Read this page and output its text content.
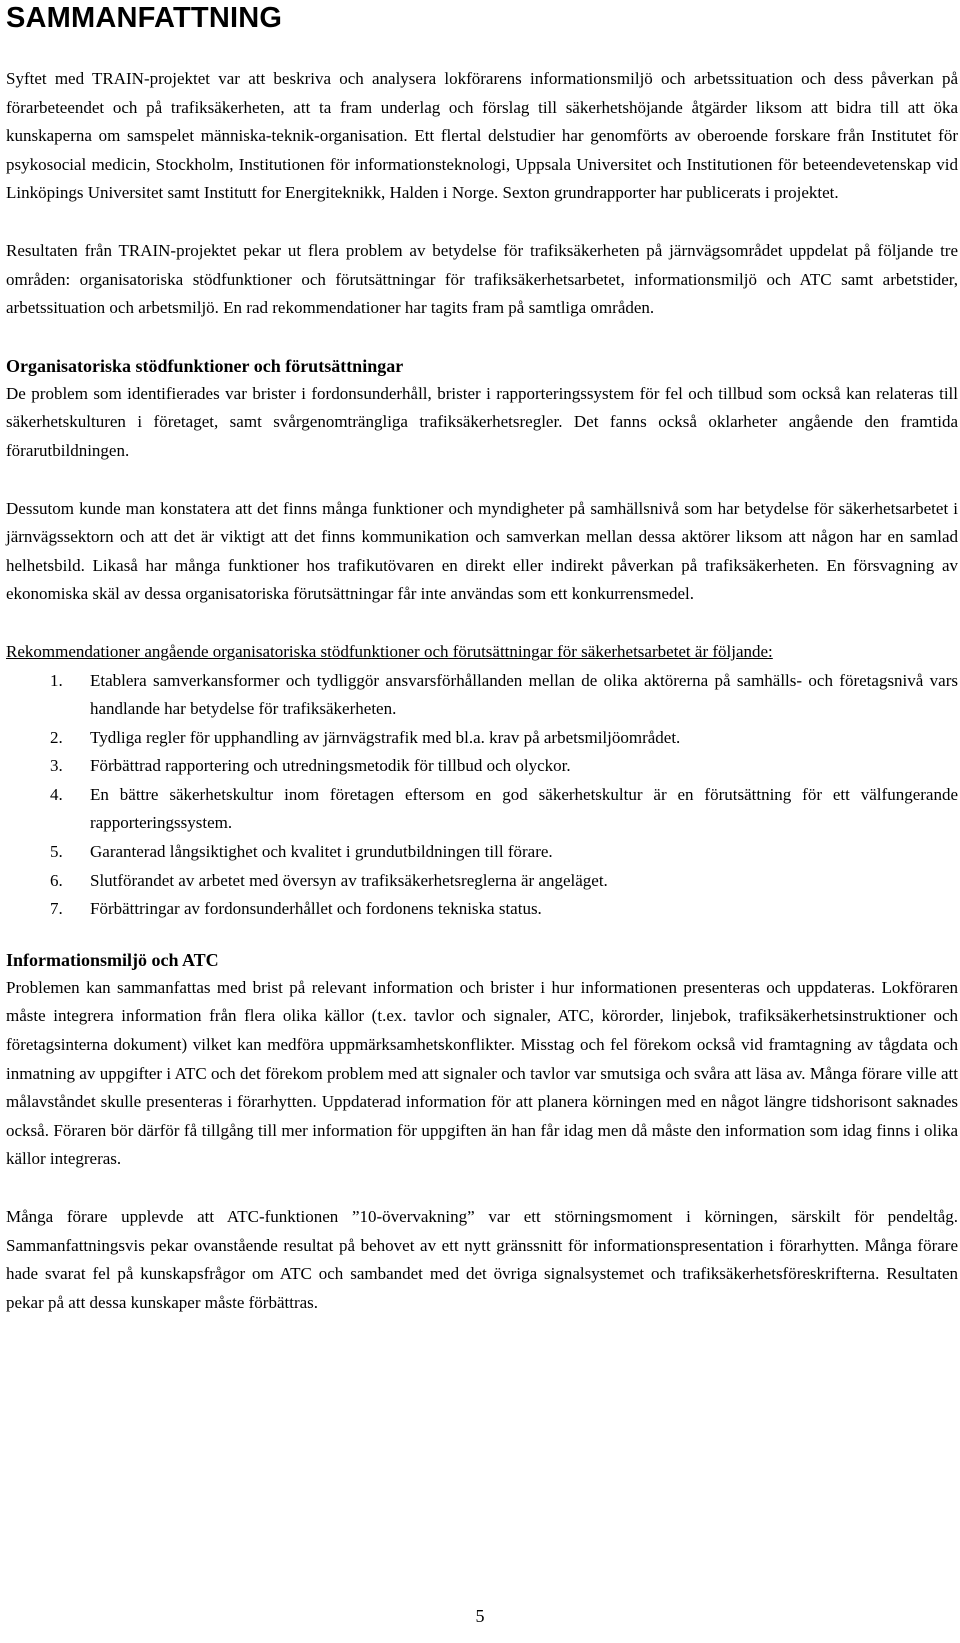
SAMMANFATTNING

Syftet med TRAIN-projektet var att beskriva och analysera lokförarens informationsmiljö och arbetssituation och dess påverkan på förarbeteendet och på trafiksäkerheten, att ta fram underlag och förslag till säkerhetshöjande åtgärder liksom att bidra till att öka kunskaperna om samspelet människa-teknik-organisation. Ett flertal delstudier har genomförts av oberoende forskare från Institutet för psykosocial medicin, Stockholm, Institutionen för informationsteknologi, Uppsala Universitet och Institutionen för beteendevetenskap vid Linköpings Universitet samt Institutt for Energiteknikk, Halden i Norge. Sexton grundrapporter har publicerats i projektet.

Resultaten från TRAIN-projektet pekar ut flera problem av betydelse för trafiksäkerheten på järnvägsområdet uppdelat på följande tre områden: organisatoriska stödfunktioner och förutsättningar för trafiksäkerhetsarbetet, informationsmiljö och ATC samt arbetstider, arbetssituation och arbetsmiljö. En rad rekommendationer har tagits fram på samtliga områden.

Organisatoriska stödfunktioner och förutsättningar

De problem som identifierades var brister i fordonsunderhåll, brister i rapporteringssystem för fel och tillbud som också kan relateras till säkerhetskulturen i företaget, samt svårgenomträngliga trafiksäkerhetsregler. Det fanns också oklarheter angående den framtida förarutbildningen.

Dessutom kunde man konstatera att det finns många funktioner och myndigheter på samhällsnivå som har betydelse för säkerhetsarbetet i järnvägssektorn och att det är viktigt att det finns kommunikation och samverkan mellan dessa aktörer liksom att någon har en samlad helhetsbild. Likaså har många funktioner hos trafikutövaren en direkt eller indirekt påverkan på trafiksäkerheten. En försvagning av ekonomiska skäl av dessa organisatoriska förutsättningar får inte användas som ett konkurrensmedel.

Rekommendationer angående organisatoriska stödfunktioner och förutsättningar för säkerhetsarbetet är följande:

1. Etablera samverkansformer och tydliggör ansvarsförhållanden mellan de olika aktörerna på samhälls- och företagsnivå vars handlande har betydelse för trafiksäkerheten.
2. Tydliga regler för upphandling av järnvägstrafik med bl.a. krav på arbetsmiljöområdet.
3. Förbättrad rapportering och utredningsmetodik för tillbud och olyckor.
4. En bättre säkerhetskultur inom företagen eftersom en god säkerhetskultur är en förutsättning för ett välfungerande rapporteringssystem.
5. Garanterad långsiktighet och kvalitet i grundutbildningen till förare.
6. Slutförandet av arbetet med översyn av trafiksäkerhetsreglerna är angeläget.
7. Förbättringar av fordonsunderhållet och fordonens tekniska status.
Informationsmiljö och ATC

Problemen kan sammanfattas med brist på relevant information och brister i hur informationen presenteras och uppdateras. Lokföraren måste integrera information från flera olika källor (t.ex. tavlor och signaler, ATC, körorder, linjebok, trafiksäkerhetsinstruktioner och företagsinterna dokument) vilket kan medföra uppmärksamhetskonflikter. Misstag och fel förekom också vid framtagning av tågdata och inmatning av uppgifter i ATC och det förekom problem med att signaler och tavlor var smutsiga och svåra att läsa av. Många förare ville att målavståndet skulle presenteras i förarhytten. Uppdaterad information för att planera körningen med en något längre tidshorisont saknades också. Föraren bör därför få tillgång till mer information för uppgiften än han får idag men då måste den information som idag finns i olika källor integreras.

Många förare upplevde att ATC-funktionen ”10-övervakning” var ett störningsmoment i körningen, särskilt för pendeltåg. Sammanfattningsvis pekar ovanstående resultat på behovet av ett nytt gränssnitt för informationspresentation i förarhytten. Många förare hade svarat fel på kunskapsfrågor om ATC och sambandet med det övriga signalsystemet och trafiksäkerhetsföreskrifterna. Resultaten pekar på att dessa kunskaper måste förbättras.

5
